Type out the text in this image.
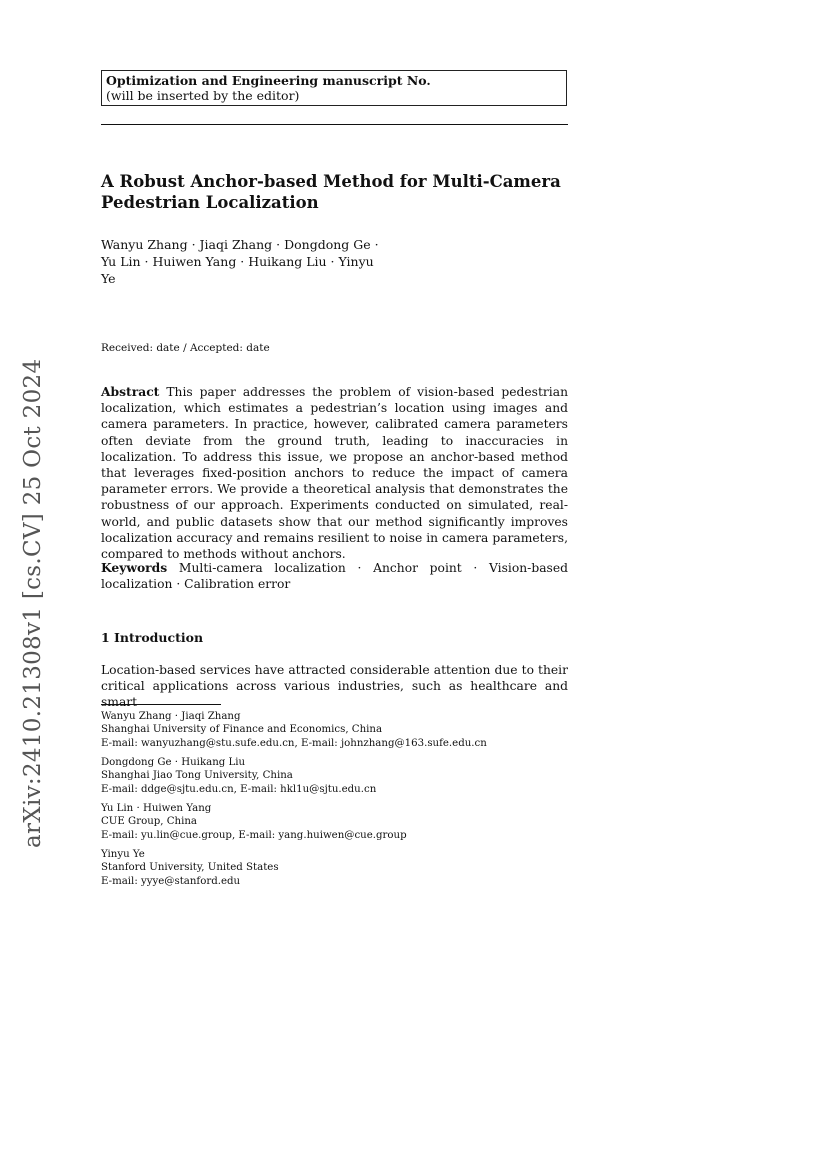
Optimization and Engineering manuscript No.
(will be inserted by the editor)
A Robust Anchor-based Method for Multi-Camera
Pedestrian Localization
Wanyu Zhang · Jiaqi Zhang · Dongdong Ge ·
Yu Lin · Huiwen Yang · Huikang Liu · Yinyu
Ye
Received: date / Accepted: date
Abstract This paper addresses the problem of vision-based pedestrian localization, which estimates a pedestrian’s location using images and camera parameters. In practice, however, calibrated camera parameters often deviate from the ground truth, leading to inaccuracies in localization. To address this issue, we propose an anchor-based method that leverages fixed-position anchors to reduce the impact of camera parameter errors. We provide a theoretical analysis that demonstrates the robustness of our approach. Experiments conducted on simulated, real-world, and public datasets show that our method significantly improves localization accuracy and remains resilient to noise in camera parameters, compared to methods without anchors.
Keywords Multi-camera localization · Anchor point · Vision-based localization · Calibration error
1 Introduction
Location-based services have attracted considerable attention due to their critical applications across various industries, such as healthcare and smart
Wanyu Zhang · Jiaqi Zhang
Shanghai University of Finance and Economics, China
E-mail: wanyuzhang@stu.sufe.edu.cn, E-mail: johnzhang@163.sufe.edu.cn
Dongdong Ge · Huikang Liu
Shanghai Jiao Tong University, China
E-mail: ddge@sjtu.edu.cn, E-mail: hkl1u@sjtu.edu.cn
Yu Lin · Huiwen Yang
CUE Group, China
E-mail: yu.lin@cue.group, E-mail: yang.huiwen@cue.group
Yinyu Ye
Stanford University, United States
E-mail: yyye@stanford.edu
arXiv:2410.21308v1 [cs.CV] 25 Oct 2024
